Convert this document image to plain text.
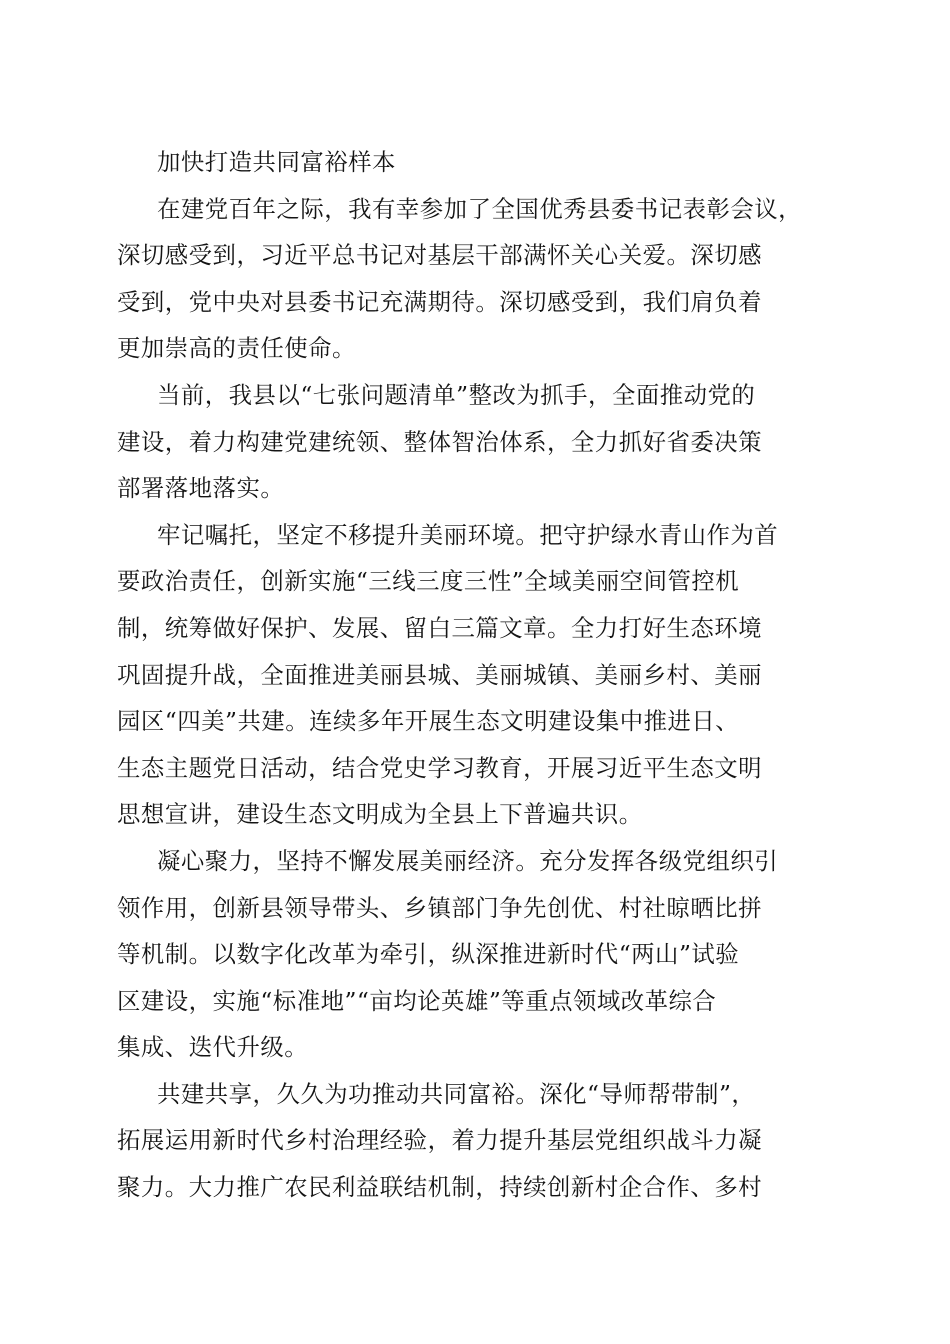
加快打造共同富裕样本
在建党百年之际，我有幸参加了全国优秀县委书记表彰会议，
深切感受到，习近平总书记对基层干部满怀关心关爱。深切感
受到，党中央对县委书记充满期待。深切感受到，我们肩负着
更加崇高的责任使命。
当前，我县以“七张问题清单”整改为抓手，全面推动党的
建设，着力构建党建统领、整体智治体系，全力抓好省委决策
部署落地落实。
牢记嘱托，坚定不移提升美丽环境。把守护绿水青山作为首
要政治责任，创新实施“三线三度三性”全域美丽空间管控机
制，统筹做好保护、发展、留白三篇文章。全力打好生态环境
巩固提升战，全面推进美丽县城、美丽城镇、美丽乡村、美丽
园区“四美”共建。连续多年开展生态文明建设集中推进日、
生态主题党日活动，结合党史学习教育，开展习近平生态文明
思想宣讲，建设生态文明成为全县上下普遍共识。
凝心聚力，坚持不懈发展美丽经济。充分发挥各级党组织引
领作用，创新县领导带头、乡镇部门争先创优、村社晾晒比拼
等机制。以数字化改革为牵引，纵深推进新时代“两山”试验
区建设，实施“标准地”“亩均论英雄”等重点领域改革综合
集成、迭代升级。
共建共享，久久为功推动共同富裕。深化“导师帮带制”，
拓展运用新时代乡村治理经验，着力提升基层党组织战斗力凝
聚力。大力推广农民利益联结机制，持续创新村企合作、多村
